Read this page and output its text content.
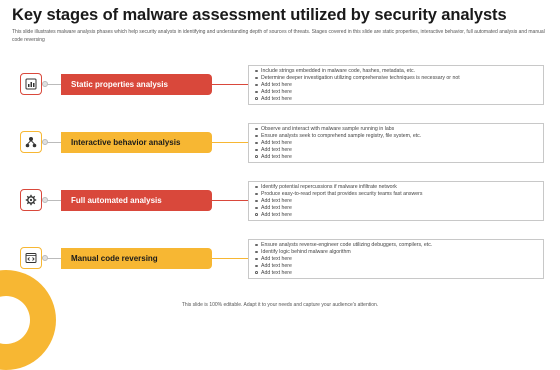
Key stages of malware assessment utilized by security analysts

This slide illustrates malware analysis phases which help security analysts in identifying and understanding depth of sources of threats. Stages covered in this slide are static properties, interactive behavior, full automated analysis and manual code reversing

Static properties analysis
Include strings embedded in malware code, hashes, metadata, etc.
Determine deeper investigation utilizing comprehensive techniques is necessary or not
Add text here
Add text here
Add text here
Interactive behavior analysis
Observe and interact with malware sample running in labs
Ensure analysts seek to comprehend sample registry, file system, etc.
Add text here
Add text here
Add text here
Full automated analysis
Identify potential repercussions if malware infiltrate network
Produce easy-to-read report that provides security teams fast answers
Add text here
Add text here
Add text here
Manual code reversing
Ensure analysts reverse-engineer code utilizing debuggers, compilers, etc.
Identify logic behind malware algorithm
Add text here
Add text here
Add text here
This slide is 100% editable. Adapt it to your needs and capture your audience's attention.
